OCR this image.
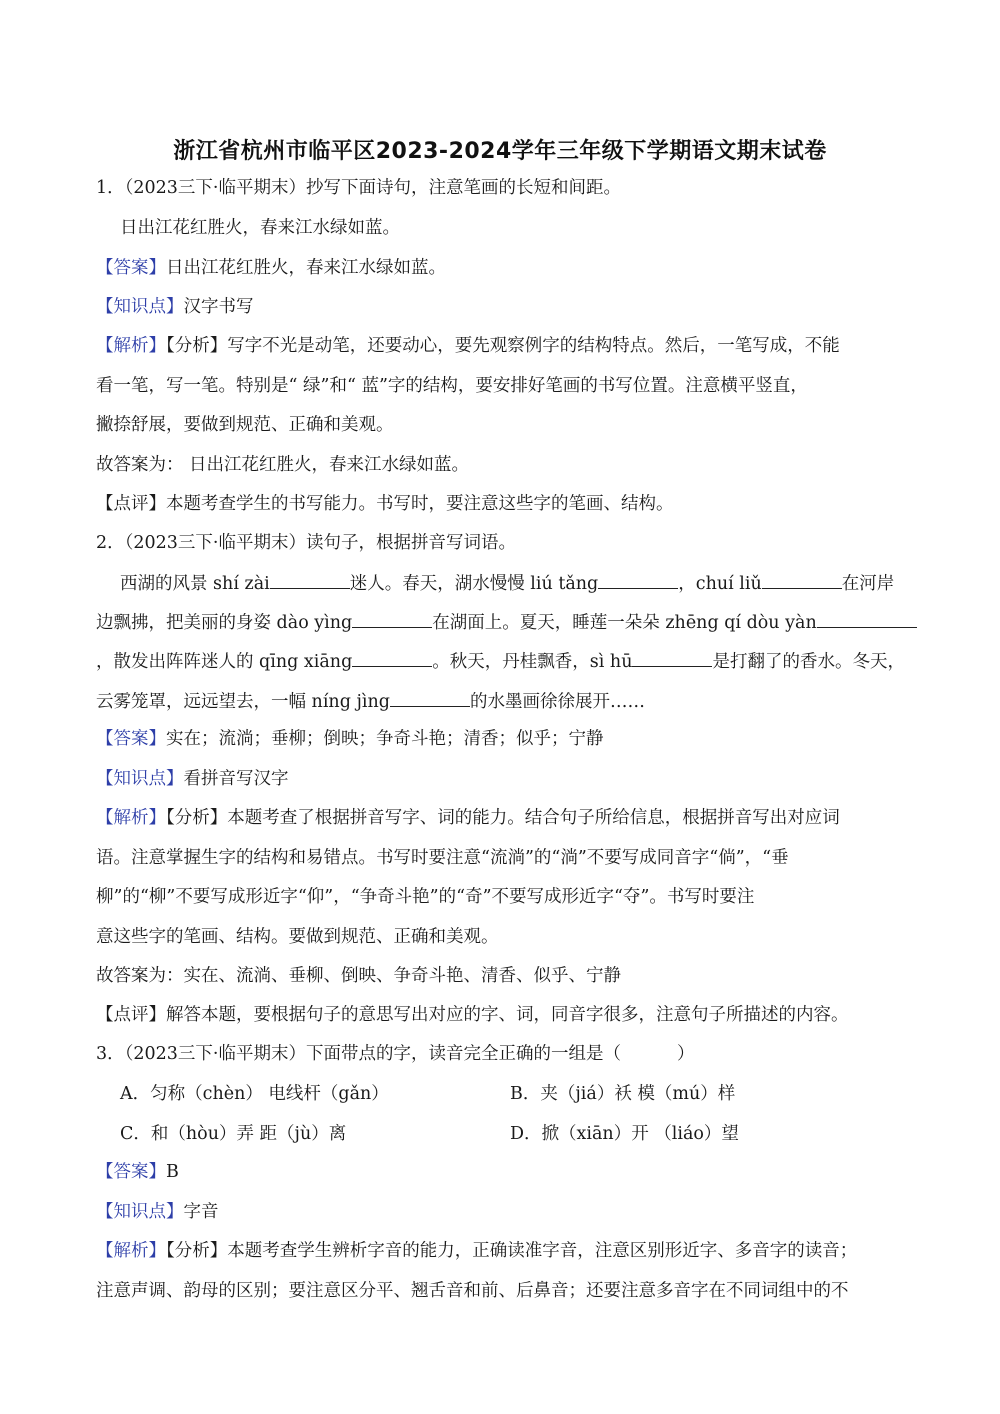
浙江省杭州市临平区2023-2024学年三年级下学期语文期末试卷
1．（2023三下·临平期末）抄写下面诗句，注意笔画的长短和间距。
日出江花红胜火，春来江水绿如蓝。
【答案】日出江花红胜火，春来江水绿如蓝。
【知识点】汉字书写
【解析】【分析】写字不光是动笔，还要动心，要先观察例字的结构特点。然后，一笔写成，不能
看一笔，写一笔。特别是“ 绿”和“ 蓝”字的结构，要安排好笔画的书写位置。注意横平竖直，
撇捺舒展，要做到规范、正确和美观。
故答案为： 日出江花红胜火，春来江水绿如蓝。
【点评】本题考查学生的书写能力。书写时，要注意这些字的笔画、结构。
2．（2023三下·临平期末）读句子，根据拼音写词语。
西湖的风景 shí zài	迷人。春天，湖水慢慢 liú tǎng	，chuí liǔ	在河岸
边飘拂，把美丽的身姿 dào yìng	在湖面上。夏天，睡莲一朵朵 zhēng qí dòu yàn
，散发出阵阵迷人的 qīng xiāng	。秋天，丹桂飘香，sì hū	是打翻了的香水。冬天，
云雾笼罩，远远望去，一幅 níng jìng	的水墨画徐徐展开……
【答案】实在；流淌；垂柳；倒映；争奇斗艳；清香；似乎；宁静
【知识点】看拼音写汉字
【解析】【分析】本题考查了根据拼音写字、词的能力。结合句子所给信息，根据拼音写出对应词
语。注意掌握生字的结构和易错点。书写时要注意“流淌”的“淌”不要写成同音字“倘”，“垂
柳”的“柳”不要写成形近字“仰”，“争奇斗艳”的“奇”不要写成形近字“夺”。书写时要注
意这些字的笔画、结构。要做到规范、正确和美观。
故答案为：实在、流淌、垂柳、倒映、争奇斗艳、清香、似乎、宁静
【点评】解答本题，要根据句子的意思写出对应的字、词，同音字很多，注意句子所描述的内容。
3．（2023三下·临平期末）下面带点的字，读音完全正确的一组是（	）
A．匀称（chèn） 电线杆（gǎn）	B．夹（jiá）袄 模（mú）样
C．和（hòu）弄 距（jù）离	D．掀（xiān）开 （liáo）望
【答案】B
【知识点】字音
【解析】【分析】本题考查学生辨析字音的能力，正确读准字音，注意区别形近字、多音字的读音；
注意声调、韵母的区别；要注意区分平、翘舌音和前、后鼻音；还要注意多音字在不同词组中的不
